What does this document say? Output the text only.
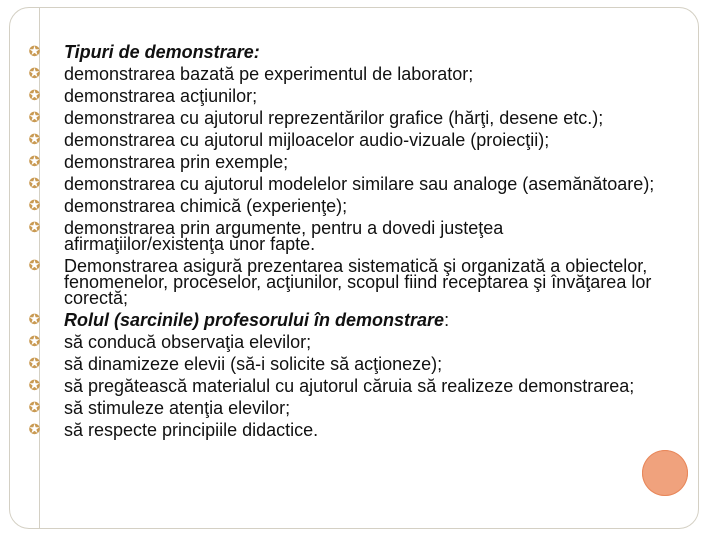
✪ Tipuri de demonstrare:
✪ demonstrarea bazată pe experimentul de laborator;
✪ demonstrarea acţiunilor;
✪ demonstrarea cu ajutorul reprezentărilor grafice (hărţi, desene etc.);
✪ demonstrarea cu ajutorul mijloacelor audio-vizuale (proiecţii);
✪ demonstrarea prin exemple;
✪ demonstrarea cu ajutorul modelelor similare sau analoge (asemănătoare);
✪ demonstrarea chimică (experienţe);
✪ demonstrarea prin argumente, pentru a dovedi justeţea afirmaţiilor/existenţa unor fapte.
✪ Demonstrarea asigură prezentarea sistematică şi organizată a obiectelor, fenomenelor, proceselor, acţiunilor, scopul fiind receptarea şi învăţarea lor corectă;
✪ Rolul (sarcinile) profesorului în demonstrare:
✪ să conducă observaţia elevilor;
✪ să dinamizeze elevii (să-i solicite să acţioneze);
✪ să pregătească materialul cu ajutorul căruia să realizeze demonstrarea;
✪ să stimuleze atenţia elevilor;
✪ să respecte principiile didactice.
